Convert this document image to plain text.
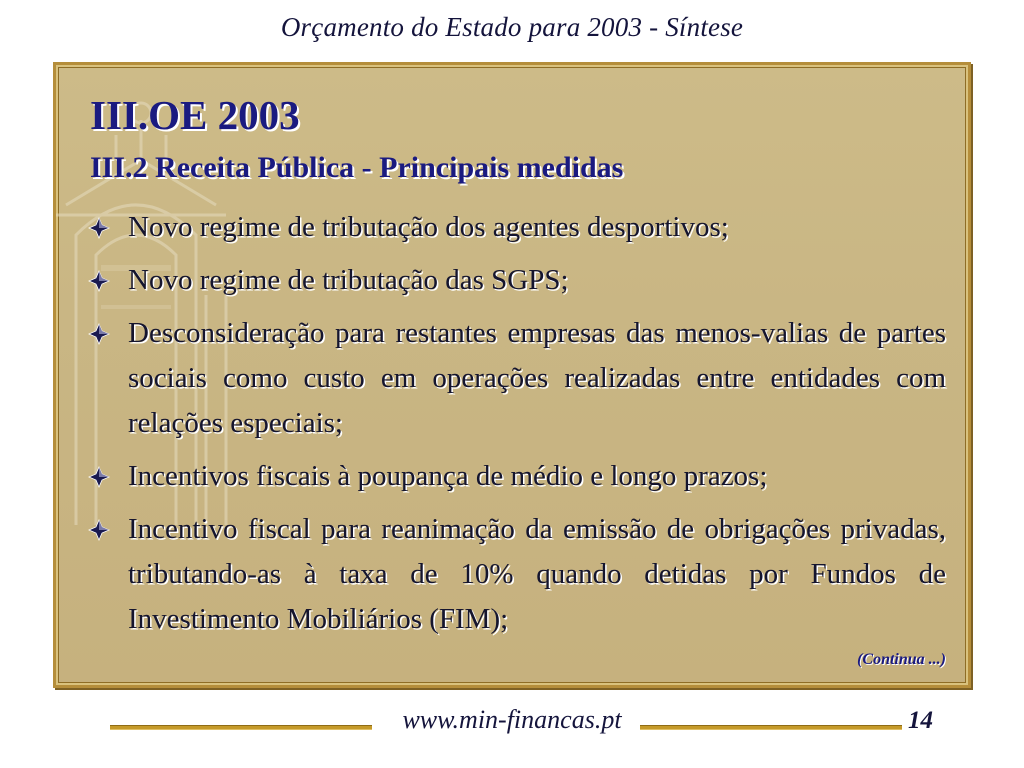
Orçamento do Estado para 2003 - Síntese
III.OE 2003
III.2 Receita Pública - Principais medidas
Novo regime de tributação dos agentes desportivos;
Novo regime de tributação das SGPS;
Desconsideração para restantes empresas das menos-valias de partes sociais como custo em operações realizadas entre entidades com relações especiais;
Incentivos fiscais à poupança de médio e longo prazos;
Incentivo fiscal para reanimação da emissão de obrigações privadas, tributando-as à taxa de 10% quando detidas por Fundos de Investimento Mobiliários (FIM);
(Continua ...)
www.min-financas.pt	14
